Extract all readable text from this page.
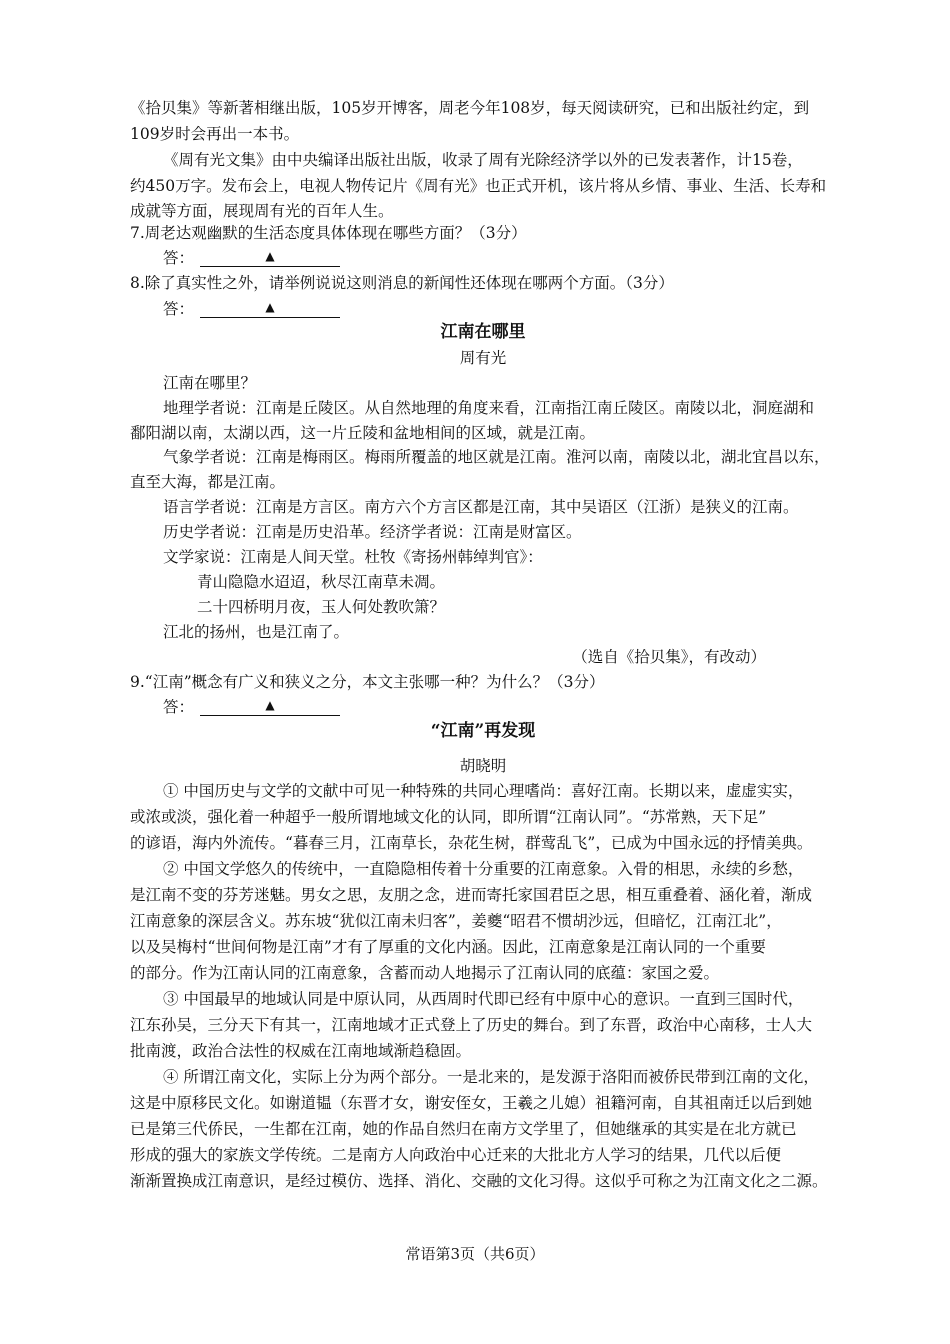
《拾贝集》等新著相继出版，105岁开博客，周老今年108岁，每天阅读研究，已和出版社约定，到
109岁时会再出一本书。
《周有光文集》由中央编译出版社出版，收录了周有光除经济学以外的已发表著作，计15卷，
约450万字。发布会上，电视人物传记片《周有光》也正式开机，该片将从乡情、事业、生活、长寿和
成就等方面，展现周有光的百年人生。
7.周老达观幽默的生活态度具体体现在哪些方面？（3分）
答：	▲
8.除了真实性之外，请举例说说这则消息的新闻性还体现在哪两个方面。（3分）
答：	▲
江南在哪里
周有光
江南在哪里？
地理学者说：江南是丘陵区。从自然地理的角度来看，江南指江南丘陵区。南陵以北，洞庭湖和
鄱阳湖以南，太湖以西，这一片丘陵和盆地相间的区域，就是江南。
气象学者说：江南是梅雨区。梅雨所覆盖的地区就是江南。淮河以南，南陵以北，湖北宜昌以东，
直至大海，都是江南。
语言学者说：江南是方言区。南方六个方言区都是江南，其中吴语区（江浙）是狭义的江南。
历史学者说：江南是历史沿革。经济学者说：江南是财富区。
文学家说：江南是人间天堂。杜牧《寄扬州韩绰判官》：
青山隐隐水迢迢，秋尽江南草未凋。
二十四桥明月夜，玉人何处教吹箫？
江北的扬州，也是江南了。
（选自《拾贝集》，有改动）
9.“江南”概念有广义和狭义之分，本文主张哪一种？为什么？（3分）
答：	▲
“江南”再发现
胡晓明
① 中国历史与文学的文献中可见一种特殊的共同心理嗜尚：喜好江南。长期以来，虚虚实实，
或浓或淡，强化着一种超乎一般所谓地域文化的认同，即所谓“江南认同”。“苏常熟，天下足”
的谚语，海内外流传。“暮春三月，江南草长，杂花生树，群莺乱飞”，已成为中国永远的抒情美典。
② 中国文学悠久的传统中，一直隐隐相传着十分重要的江南意象。入骨的相思，永续的乡愁，
是江南不变的芬芳迷魅。男女之思，友朋之念，进而寄托家国君臣之思，相互重叠着、涵化着，渐成
江南意象的深层含义。苏东坡“犹似江南未归客”，姜夔“昭君不惯胡沙远，但暗忆，江南江北”，
以及吴梅村“世间何物是江南”才有了厚重的文化内涵。因此，江南意象是江南认同的一个重要
的部分。作为江南认同的江南意象，含蓄而动人地揭示了江南认同的底蕴：家国之爱。
③ 中国最早的地域认同是中原认同，从西周时代即已经有中原中心的意识。一直到三国时代，
江东孙吴，三分天下有其一，江南地域才正式登上了历史的舞台。到了东晋，政治中心南移，士人大
批南渡，政治合法性的权威在江南地域渐趋稳固。
④ 所谓江南文化，实际上分为两个部分。一是北来的，是发源于洛阳而被侨民带到江南的文化，
这是中原移民文化。如谢道韫（东晋才女，谢安侄女，王羲之儿媳）祖籍河南，自其祖南迁以后到她
已是第三代侨民，一生都在江南，她的作品自然归在南方文学里了，但她继承的其实是在北方就已
形成的强大的家族文学传统。二是南方人向政治中心迁来的大批北方人学习的结果，几代以后便
渐渐置换成江南意识，是经过模仿、选择、消化、交融的文化习得。这似乎可称之为江南文化之二源。
常语第3页（共6页）
